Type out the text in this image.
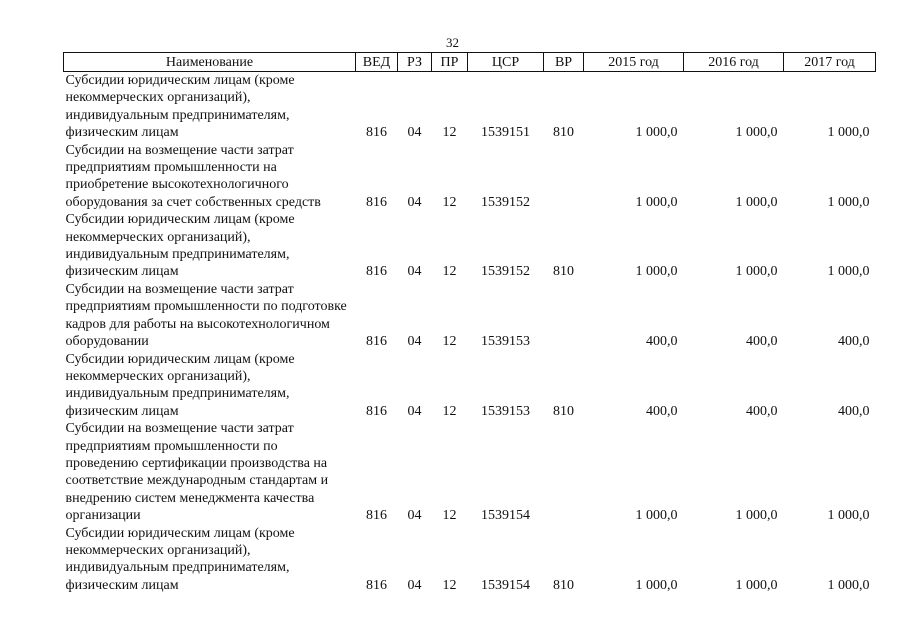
32
Наименование	ВЕД	РЗ	ПР	ЦСР	ВР	2015 год	2016 год	2017 год
Субсидии юридическим лицам (кроме некоммерческих организаций), индивидуальным предпринимателям, физическим лицам	816	04	12	1539151	810	1 000,0	1 000,0	1 000,0
Субсидии на возмещение части затрат предприятиям промышленности на приобретение высокотехнологичного оборудования за счет собственных средств	816	04	12	1539152		1 000,0	1 000,0	1 000,0
Субсидии юридическим лицам (кроме некоммерческих организаций), индивидуальным предпринимателям, физическим лицам	816	04	12	1539152	810	1 000,0	1 000,0	1 000,0
Субсидии на возмещение части затрат предприятиям промышленности по подготовке кадров для работы на высокотехнологичном оборудовании	816	04	12	1539153		400,0	400,0	400,0
Субсидии юридическим лицам (кроме некоммерческих организаций), индивидуальным предпринимателям, физическим лицам	816	04	12	1539153	810	400,0	400,0	400,0
Субсидии на возмещение части затрат предприятиям промышленности по проведению сертификации производства на соответствие международным стандартам и внедрению систем менеджмента качества организации	816	04	12	1539154		1 000,0	1 000,0	1 000,0
Субсидии юридическим лицам (кроме некоммерческих организаций), индивидуальным предпринимателям, физическим лицам	816	04	12	1539154	810	1 000,0	1 000,0	1 000,0
